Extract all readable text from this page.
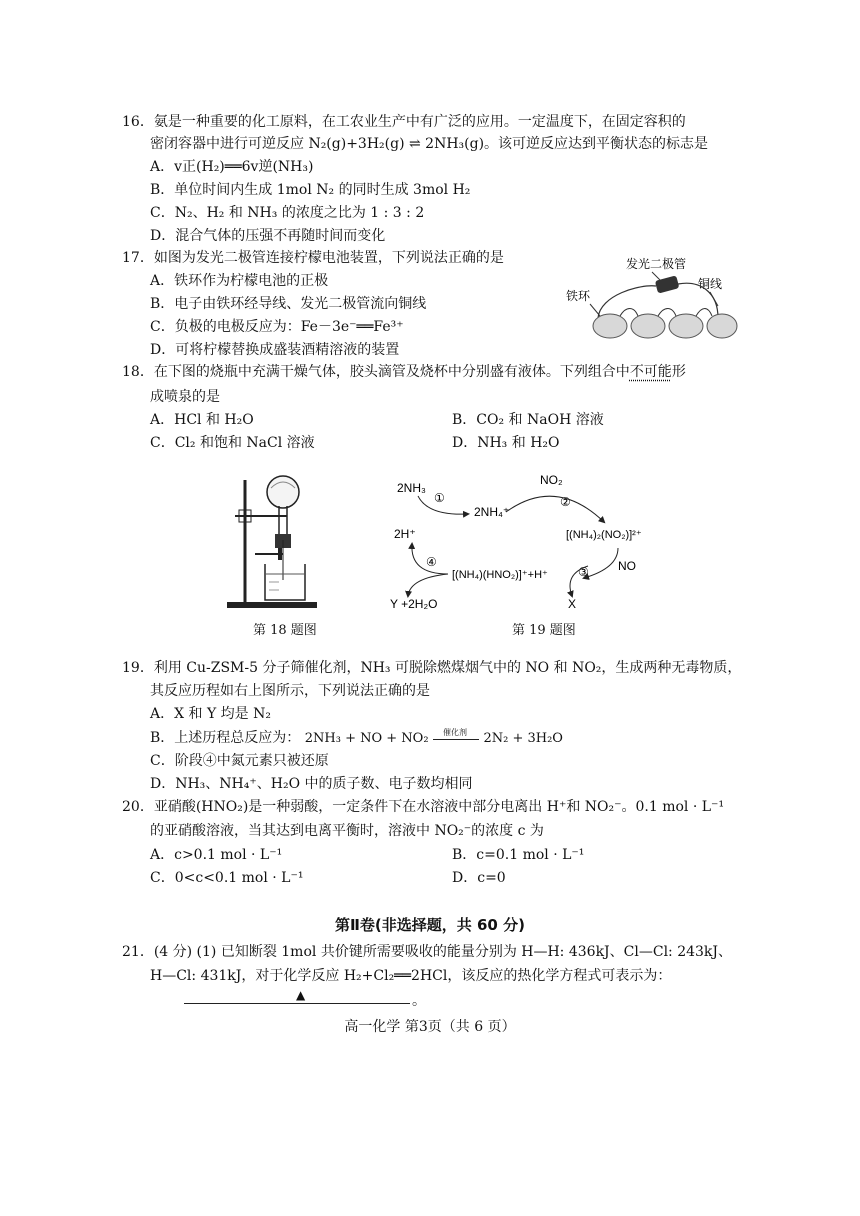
16．氨是一种重要的化工原料，在工农业生产中有广泛的应用。一定温度下，在固定容积的
密闭容器中进行可逆反应 N₂(g)+3H₂(g) ⇌ 2NH₃(g)。该可逆反应达到平衡状态的标志是
A．v正(H₂)══6v逆(NH₃)
B．单位时间内生成 1mol N₂ 的同时生成 3mol H₂
C．N₂、H₂ 和 NH₃ 的浓度之比为 1 : 3 : 2
D．混合气体的压强不再随时间而变化
17．如图为发光二极管连接柠檬电池装置，下列说法正确的是
A．铁环作为柠檬电池的正极
B．电子由铁环经导线、发光二极管流向铜线
C．负极的电极反应为：Fe－3e⁻══Fe³⁺
D．可将柠檬替换成盛装酒精溶液的装置
发光二极管
铜线
铁环
18．在下图的烧瓶中充满干燥气体，胶头滴管及烧杯中分别盛有液体。下列组合中不可能形
成喷泉的是
A．HCl 和 H₂O	B．CO₂ 和 NaOH 溶液
C．Cl₂ 和饱和 NaCl 溶液	D．NH₃ 和 H₂O
第 18 题图
2NH₃
①
2NH₄⁺
NO₂
②
[(NH₄)₂(NO₂)]²⁺
2H⁺
NO
③
X
[(NH₄)(HNO₂)]⁺+H⁺
④
Y +2H₂O
第 19 题图
19．利用 Cu-ZSM-5 分子筛催化剂，NH₃ 可脱除燃煤烟气中的 NO 和 NO₂，生成两种无毒物质，
其反应历程如右上图所示，下列说法正确的是
A．X 和 Y 均是 N₂
B．上述历程总反应为： 2NH₃ + NO + NO₂ 催化剂 2N₂ + 3H₂O
C．阶段④中氮元素只被还原
D．NH₃、NH₄⁺、H₂O 中的质子数、电子数均相同
20．亚硝酸(HNO₂)是一种弱酸，一定条件下在水溶液中部分电离出 H⁺和 NO₂⁻。0.1 mol · L⁻¹
的亚硝酸溶液，当其达到电离平衡时，溶液中 NO₂⁻的浓度 c 为
A．c>0.1 mol · L⁻¹	B．c=0.1 mol · L⁻¹
C．0<c<0.1 mol · L⁻¹	D．c=0
第Ⅱ卷(非选择题，共 60 分)
21．(4 分) (1) 已知断裂 1mol 共价键所需要吸收的能量分别为 H—H: 436kJ、Cl—Cl: 243kJ、
H—Cl: 431kJ，对于化学反应 H₂+Cl₂══2HCl，该反应的热化学方程式可表示为：
▲	。
高一化学 第3页（共 6 页）
